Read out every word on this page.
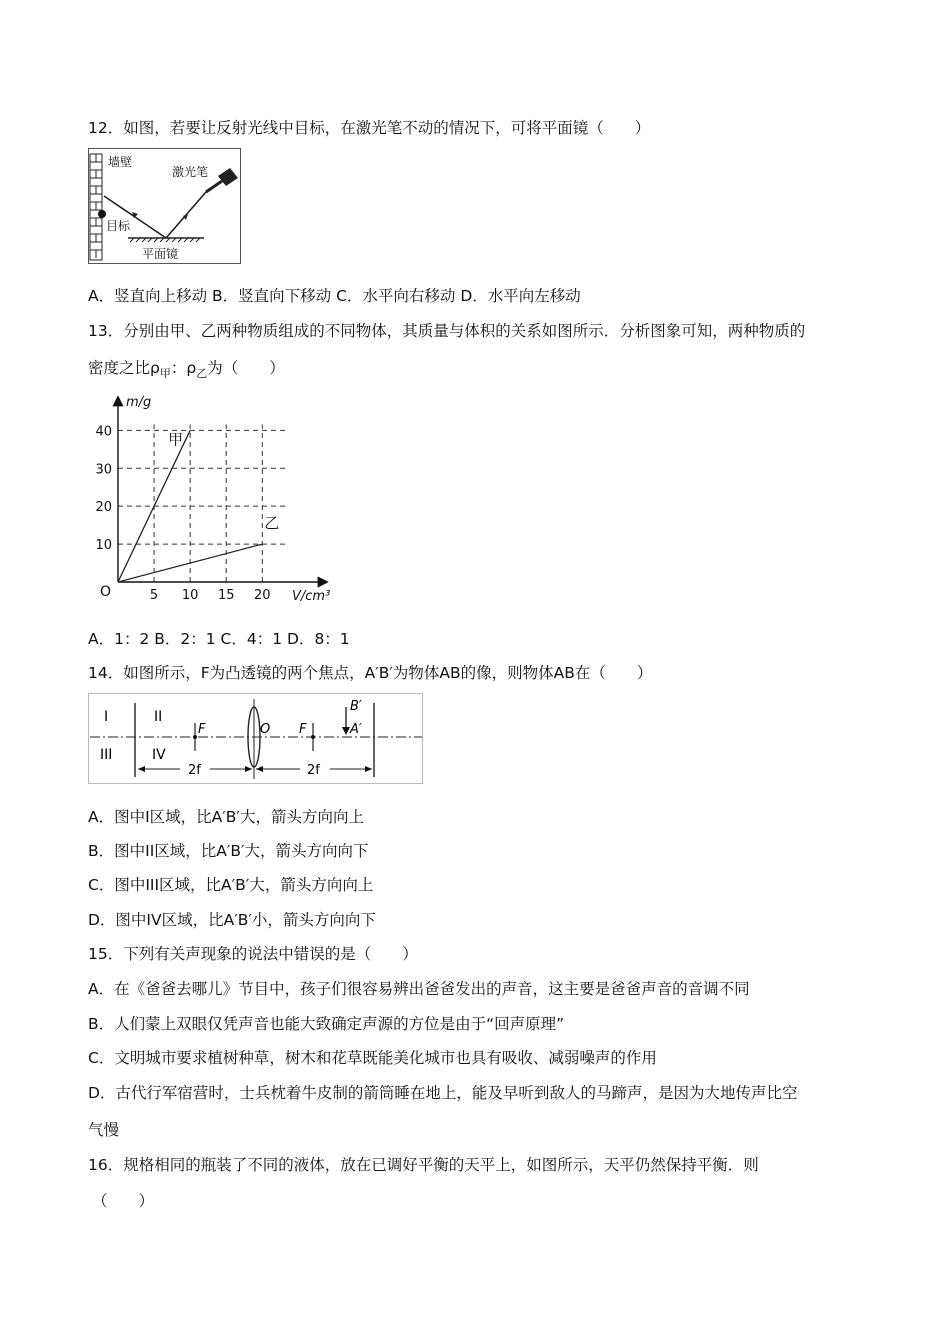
12．如图，若要让反射光线中目标，在激光笔不动的情况下，可将平面镜（　　）
墙壁
激光笔
目标
平面镜
A．竖直向上移动 B．竖直向下移动 C．水平向右移动 D．水平向左移动
13．分别由甲、乙两种物质组成的不同物体，其质量与体积的关系如图所示．分析图象可知，两种物质的
密度之比$\rho_甲$：$\rho_乙$为（　　）
5 10 15 20
10
20
30
40
O	V/cm³
m/g
甲
乙
A．1：2 B．2：1 C．4：1 D．8：1
14．如图所示，F为凸透镜的两个焦点，A′B′为物体AB的像，则物体AB在（　　）
I	II
III	IV
F	O F
B′
A′
2f	2f
A．图中I区域，比A′B′大，箭头方向向上
B．图中II区域，比A′B′大，箭头方向向下
C．图中III区域，比A′B′大，箭头方向向上
D．图中IV区域，比A′B′小，箭头方向向下
15．下列有关声现象的说法中错误的是（　　）
A．在《爸爸去哪儿》节目中，孩子们很容易辨出爸爸发出的声音，这主要是爸爸声音的音调不同
B．人们蒙上双眼仅凭声音也能大致确定声源的方位是由于“回声原理”
C．文明城市要求植树种草，树木和花草既能美化城市也具有吸收、减弱噪声的作用
D．古代行军宿营时，士兵枕着牛皮制的箭筒睡在地上，能及早听到敌人的马蹄声，是因为大地传声比空
气慢
16．规格相同的瓶装了不同的液体，放在已调好平衡的天平上，如图所示，天平仍然保持平衡．则
（　　）
